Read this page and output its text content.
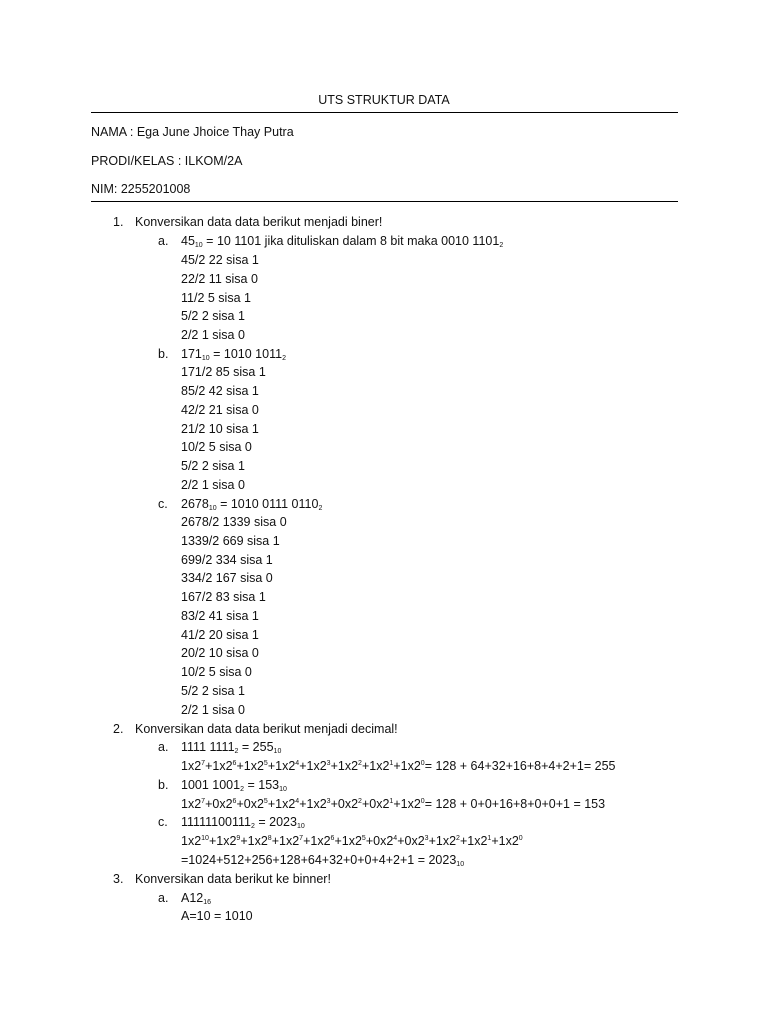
UTS STRUKTUR DATA
NAMA : Ega June Jhoice Thay Putra
PRODI/KELAS : ILKOM/2A
NIM: 2255201008
1. Konversikan data data berikut menjadi biner!
a. $45_{10} = 10$ 1101 jika dituliskan dalam 8 bit maka 0010 $1101_2$
45/2 22 sisa 1
22/2 11 sisa 0
11/2 5 sisa 1
5/2 2 sisa 1
2/2 1 sisa 0
b. $171_{10} = 1010$ $1011_2$
171/2 85 sisa 1
85/2 42 sisa 1
42/2 21 sisa 0
21/2 10 sisa 1
10/2 5 sisa 0
5/2 2 sisa 1
2/2 1 sisa 0
c. $2678_{10} = 1010$ 0111 $0110_2$
2678/2 1339 sisa 0
1339/2 669 sisa 1
699/2 334 sisa 1
334/2 167 sisa 0
167/2 83 sisa 1
83/2 41 sisa 1
41/2 20 sisa 1
20/2 10 sisa 0
10/2 5 sisa 0
5/2 2 sisa 1
2/2 1 sisa 0
2. Konversikan data data berikut menjadi decimal!
a. 1111 $1111_2 = 255_{10}$
$1x2^7+1x2^6+1x2^5+1x2^4+1x2^3+1x2^2+1x2^1+1x2^0= 128 + 64+32+16+8+4+2+1= 255$
b. 1001 $1001_2 = 153_{10}$
$1x2^7+0x2^6+0x2^5+1x2^4+1x2^3+0x2^2+0x2^1+1x2^0= 128 + 0+0+16+8+0+0+1 = 153$
c. $11111100111_2 = 2023_{10}$
$1x2^{10}+1x2^9+1x2^8+1x2^7+1x2^6+1x2^5+0x2^4+0x2^3+1x2^2+1x2^1+1x2^0$
$=1024+512+256+128+64+32+0+0+4+2+1 = 2023_{10}$
3. Konversikan data berikut ke binner!
a. $A12_{16}$
A=10 = 1010
